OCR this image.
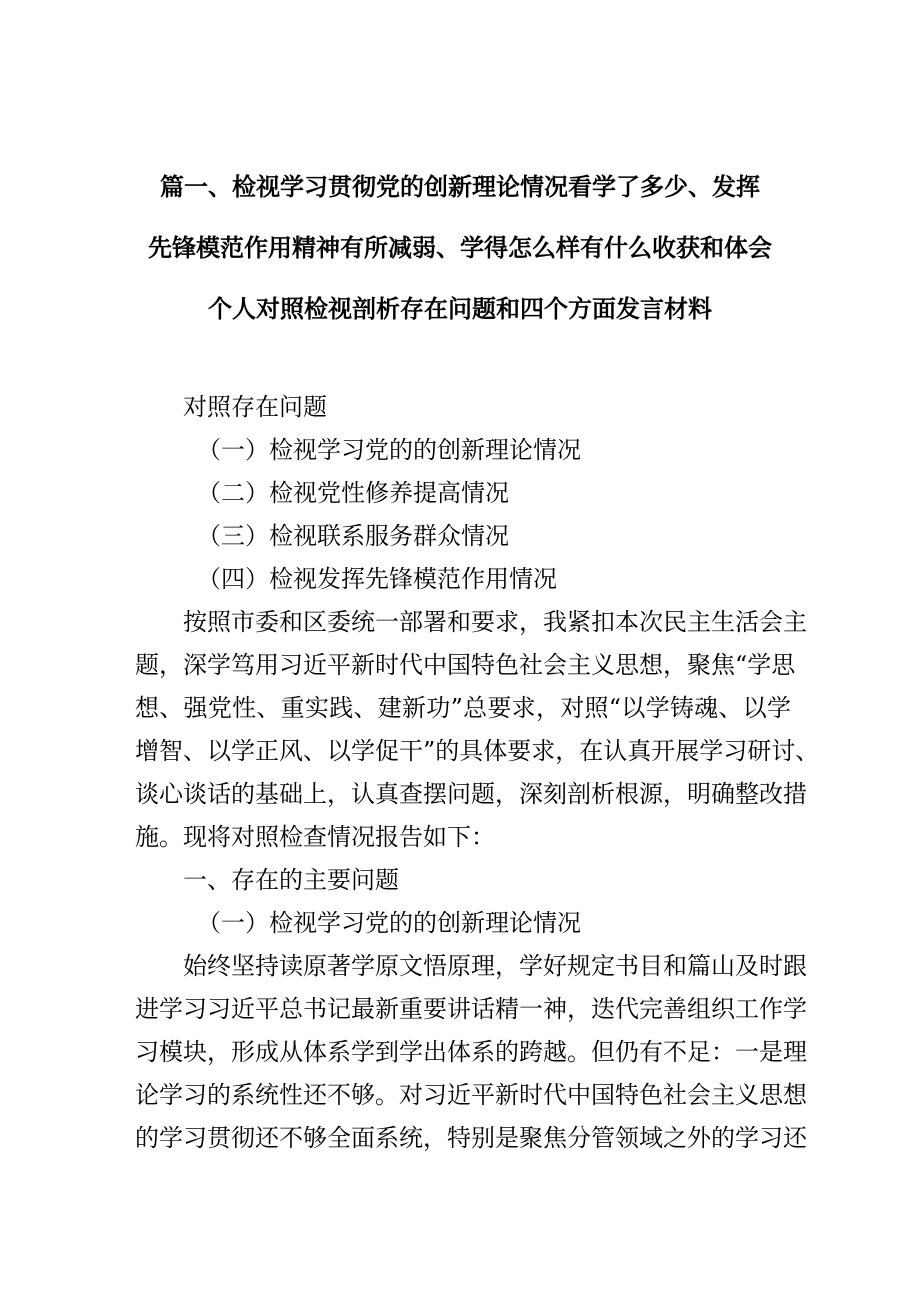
篇一、检视学习贯彻党的创新理论情况看学了多少、发挥
先锋模范作用精神有所减弱、学得怎么样有什么收获和体会
个人对照检视剖析存在问题和四个方面发言材料
对照存在问题
（一）检视学习党的的创新理论情况
（二）检视党性修养提高情况
（三）检视联系服务群众情况
（四）检视发挥先锋模范作用情况
按照市委和区委统一部署和要求，我紧扣本次民主生活会主
题，深学笃用习近平新时代中国特色社会主义思想，聚焦“学思
想、强党性、重实践、建新功”总要求，对照“以学铸魂、以学
增智、以学正风、以学促干”的具体要求，在认真开展学习研讨、
谈心谈话的基础上，认真查摆问题，深刻剖析根源，明确整改措
施。现将对照检查情况报告如下：
一、存在的主要问题
（一）检视学习党的的创新理论情况
始终坚持读原著学原文悟原理，学好规定书目和篇山及时跟
进学习习近平总书记最新重要讲话精一神，迭代完善组织工作学
习模块，形成从体系学到学出体系的跨越。但仍有不足：一是理
论学习的系统性还不够。对习近平新时代中国特色社会主义思想
的学习贯彻还不够全面系统，特别是聚焦分管领域之外的学习还
